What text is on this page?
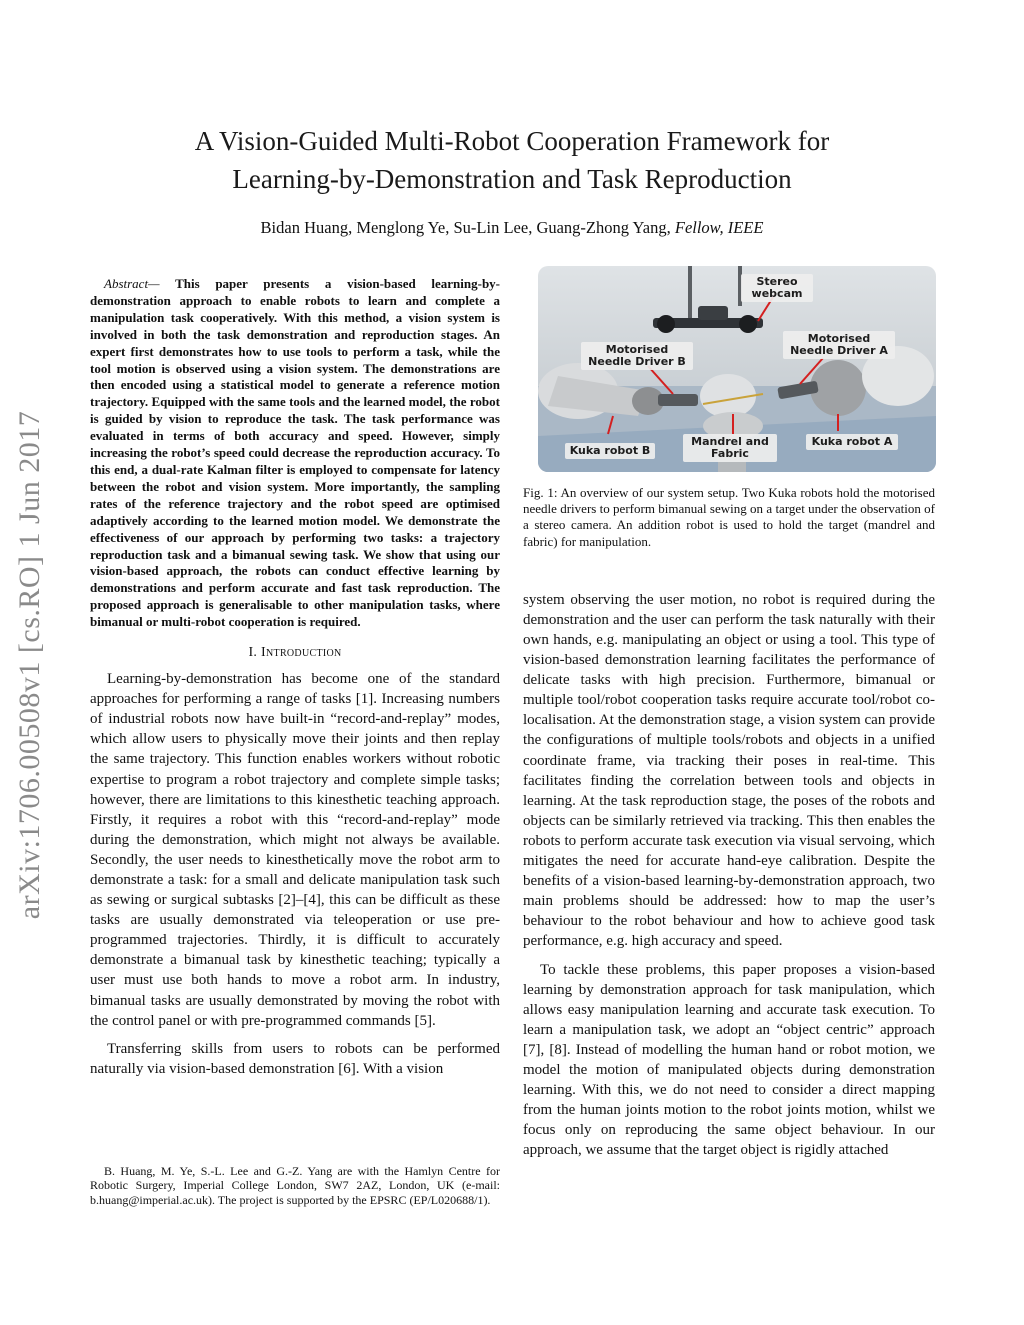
arXiv:1706.00508v1 [cs.RO] 1 Jun 2017
A Vision-Guided Multi-Robot Cooperation Framework for
Learning-by-Demonstration and Task Reproduction
Bidan Huang, Menglong Ye, Su-Lin Lee, Guang-Zhong Yang, Fellow, IEEE

Abstract— This paper presents a vision-based learning-by-demonstration approach to enable robots to learn and complete a manipulation task cooperatively. With this method, a vision system is involved in both the task demonstration and reproduction stages. An expert first demonstrates how to use tools to perform a task, while the tool motion is observed using a vision system. The demonstrations are then encoded using a statistical model to generate a reference motion trajectory. Equipped with the same tools and the learned model, the robot is guided by vision to reproduce the task. The task performance was evaluated in terms of both accuracy and speed. However, simply increasing the robot’s speed could decrease the reproduction accuracy. To this end, a dual-rate Kalman filter is employed to compensate for latency between the robot and vision system. More importantly, the sampling rates of the reference trajectory and the robot speed are optimised adaptively according to the learned motion model. We demonstrate the effectiveness of our approach by performing two tasks: a trajectory reproduction task and a bimanual sewing task. We show that using our vision-based approach, the robots can conduct effective learning by demonstrations and perform accurate and fast task reproduction. The proposed approach is generalisable to other manipulation tasks, where bimanual or multi-robot cooperation is required.

I. Introduction

Learning-by-demonstration has become one of the standard approaches for performing a range of tasks [1]. Increasing numbers of industrial robots now have built-in “record-and-replay” modes, which allow users to physically move their joints and then replay the same trajectory. This function enables workers without robotic expertise to program a robot trajectory and complete simple tasks; however, there are limitations to this kinesthetic teaching approach. Firstly, it requires a robot with this “record-and-replay” mode during the demonstration, which might not always be available. Secondly, the user needs to kinesthetically move the robot arm to demonstrate a task: for a small and delicate manipulation task such as sewing or surgical subtasks [2]–[4], this can be difficult as these tasks are usually demonstrated via teleoperation or use pre-programmed trajectories. Thirdly, it is difficult to accurately demonstrate a bimanual task by kinesthetic teaching; typically a user must use both hands to move a robot arm. In industry, bimanual tasks are usually demonstrated by moving the robot with the control panel or with pre-programmed commands [5].

Transferring skills from users to robots can be performed naturally via vision-based demonstration [6]. With a vision

B. Huang, M. Ye, S.-L. Lee and G.-Z. Yang are with the Hamlyn Centre for Robotic Surgery, Imperial College London, SW7 2AZ, London, UK (e-mail: b.huang@imperial.ac.uk). The project is supported by the EPSRC (EP/L020688/1).

Stereo webcam
Motorised Needle Driver B
Motorised Needle Driver A
Kuka robot B
Mandrel and Fabric
Kuka robot A

Fig. 1: An overview of our system setup. Two Kuka robots hold the motorised needle drivers to perform bimanual sewing on a target under the observation of a stereo camera. An addition robot is used to hold the target (mandrel and fabric) for manipulation.

system observing the user motion, no robot is required during the demonstration and the user can perform the task naturally with their own hands, e.g. manipulating an object or using a tool. This type of vision-based demonstration learning facilitates the performance of delicate tasks with high precision. Furthermore, bimanual or multiple tool/robot cooperation tasks require accurate tool/robot co-localisation. At the demonstration stage, a vision system can provide the configurations of multiple tools/robots and objects in a unified coordinate frame, via tracking their poses in real-time. This facilitates finding the correlation between tools and objects in learning. At the task reproduction stage, the poses of the robots and objects can be similarly retrieved via tracking. This then enables the robots to perform accurate task execution via visual servoing, which mitigates the need for accurate hand-eye calibration. Despite the benefits of a vision-based learning-by-demonstration approach, two main problems should be addressed: how to map the user’s behaviour to the robot behaviour and how to achieve good task performance, e.g. high accuracy and speed.

To tackle these problems, this paper proposes a vision-based learning by demonstration approach for task manipulation, which allows easy manipulation learning and accurate task execution. To learn a manipulation task, we adopt an “object centric” approach [7], [8]. Instead of modelling the human hand or robot motion, we model the motion of manipulated objects during demonstration learning. With this, we do not need to consider a direct mapping from the human joints motion to the robot joints motion, whilst we focus only on reproducing the same object behaviour. In our approach, we assume that the target object is rigidly attached
